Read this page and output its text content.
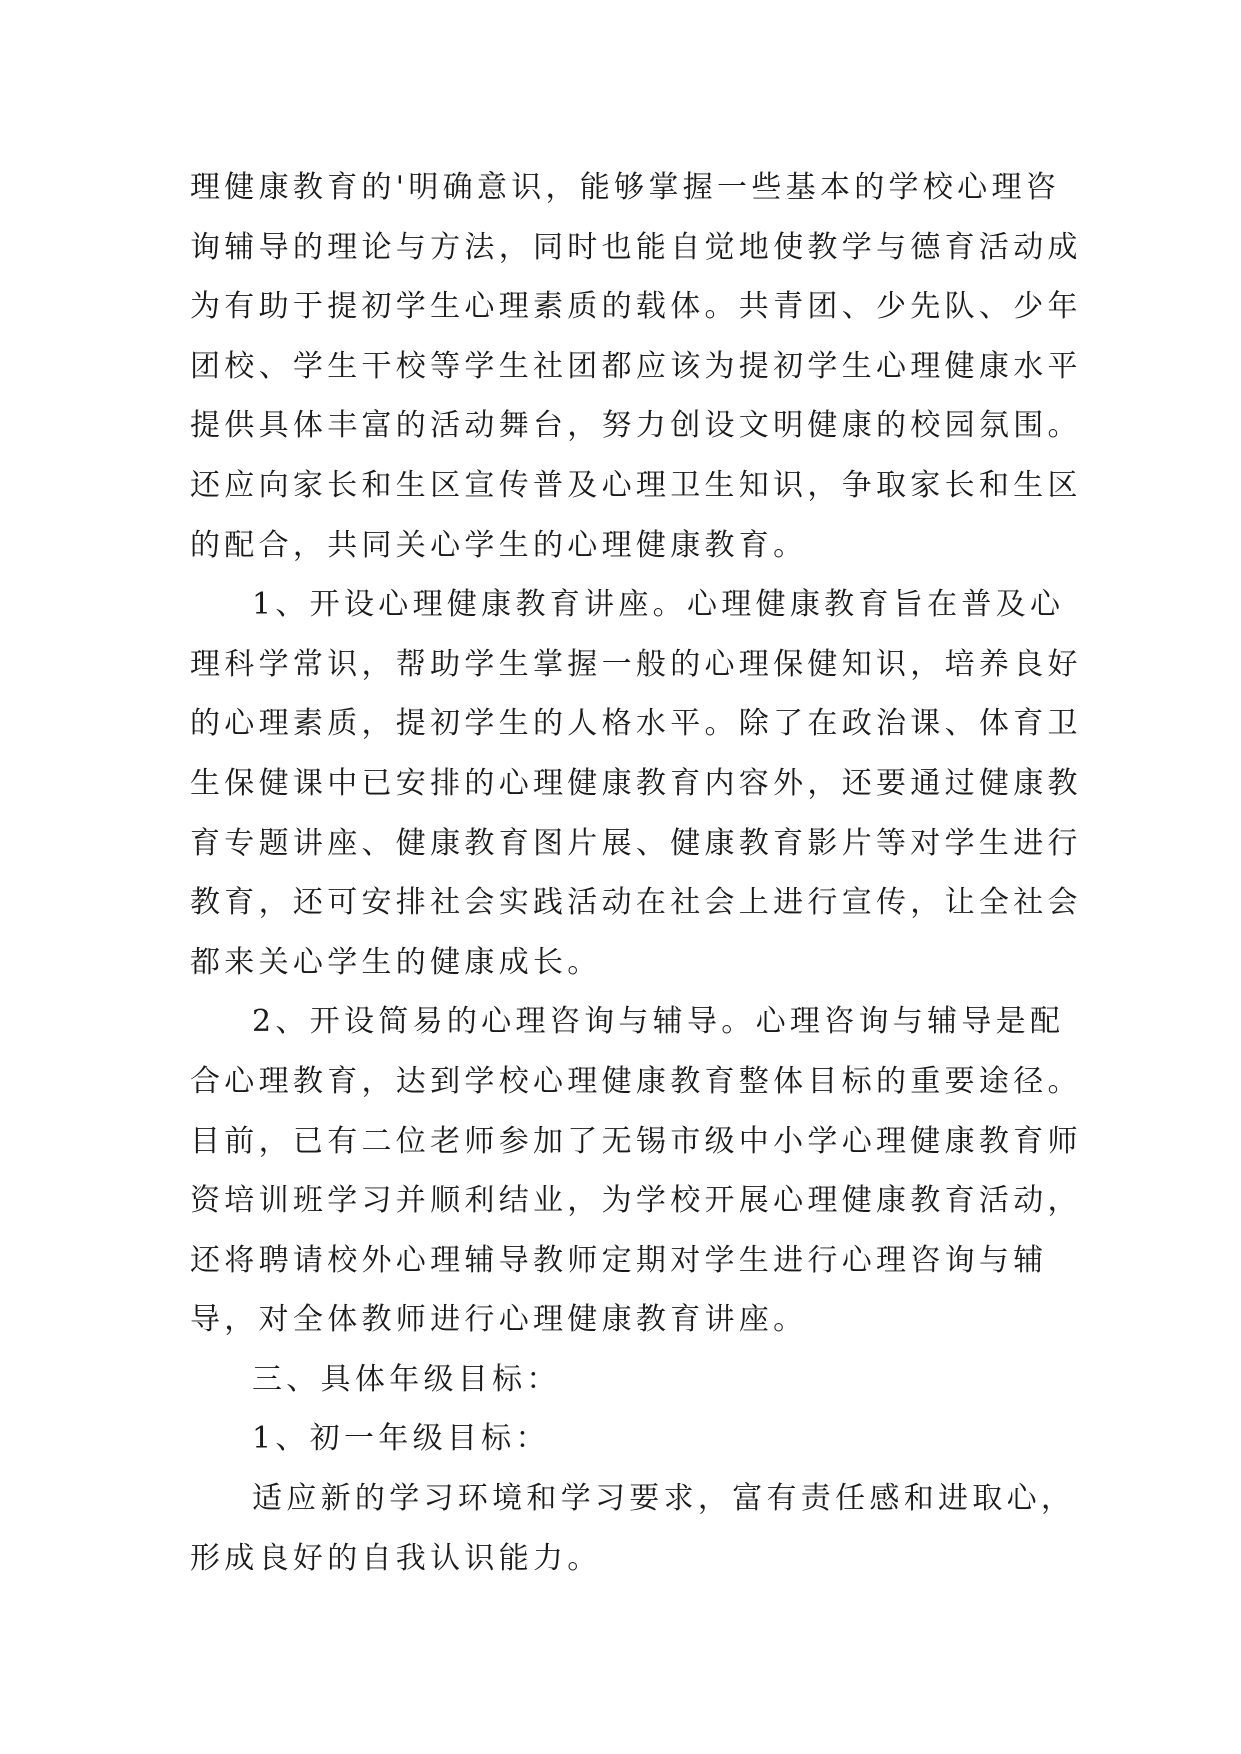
理健康教育的'明确意识，能够掌握一些基本的学校心理咨
询辅导的理论与方法，同时也能自觉地使教学与德育活动成
为有助于提初学生心理素质的载体。共青团、少先队、少年
团校、学生干校等学生社团都应该为提初学生心理健康水平
提供具体丰富的活动舞台，努力创设文明健康的校园氛围。
还应向家长和生区宣传普及心理卫生知识，争取家长和生区
的配合，共同关心学生的心理健康教育。
1、开设心理健康教育讲座。心理健康教育旨在普及心
理科学常识，帮助学生掌握一般的心理保健知识，培养良好
的心理素质，提初学生的人格水平。除了在政治课、体育卫
生保健课中已安排的心理健康教育内容外，还要通过健康教
育专题讲座、健康教育图片展、健康教育影片等对学生进行
教育，还可安排社会实践活动在社会上进行宣传，让全社会
都来关心学生的健康成长。
2、开设简易的心理咨询与辅导。心理咨询与辅导是配
合心理教育，达到学校心理健康教育整体目标的重要途径。
目前，已有二位老师参加了无锡市级中小学心理健康教育师
资培训班学习并顺利结业，为学校开展心理健康教育活动，
还将聘请校外心理辅导教师定期对学生进行心理咨询与辅
导，对全体教师进行心理健康教育讲座。
三、具体年级目标：
1、初一年级目标：
适应新的学习环境和学习要求，富有责任感和进取心，
形成良好的自我认识能力。
